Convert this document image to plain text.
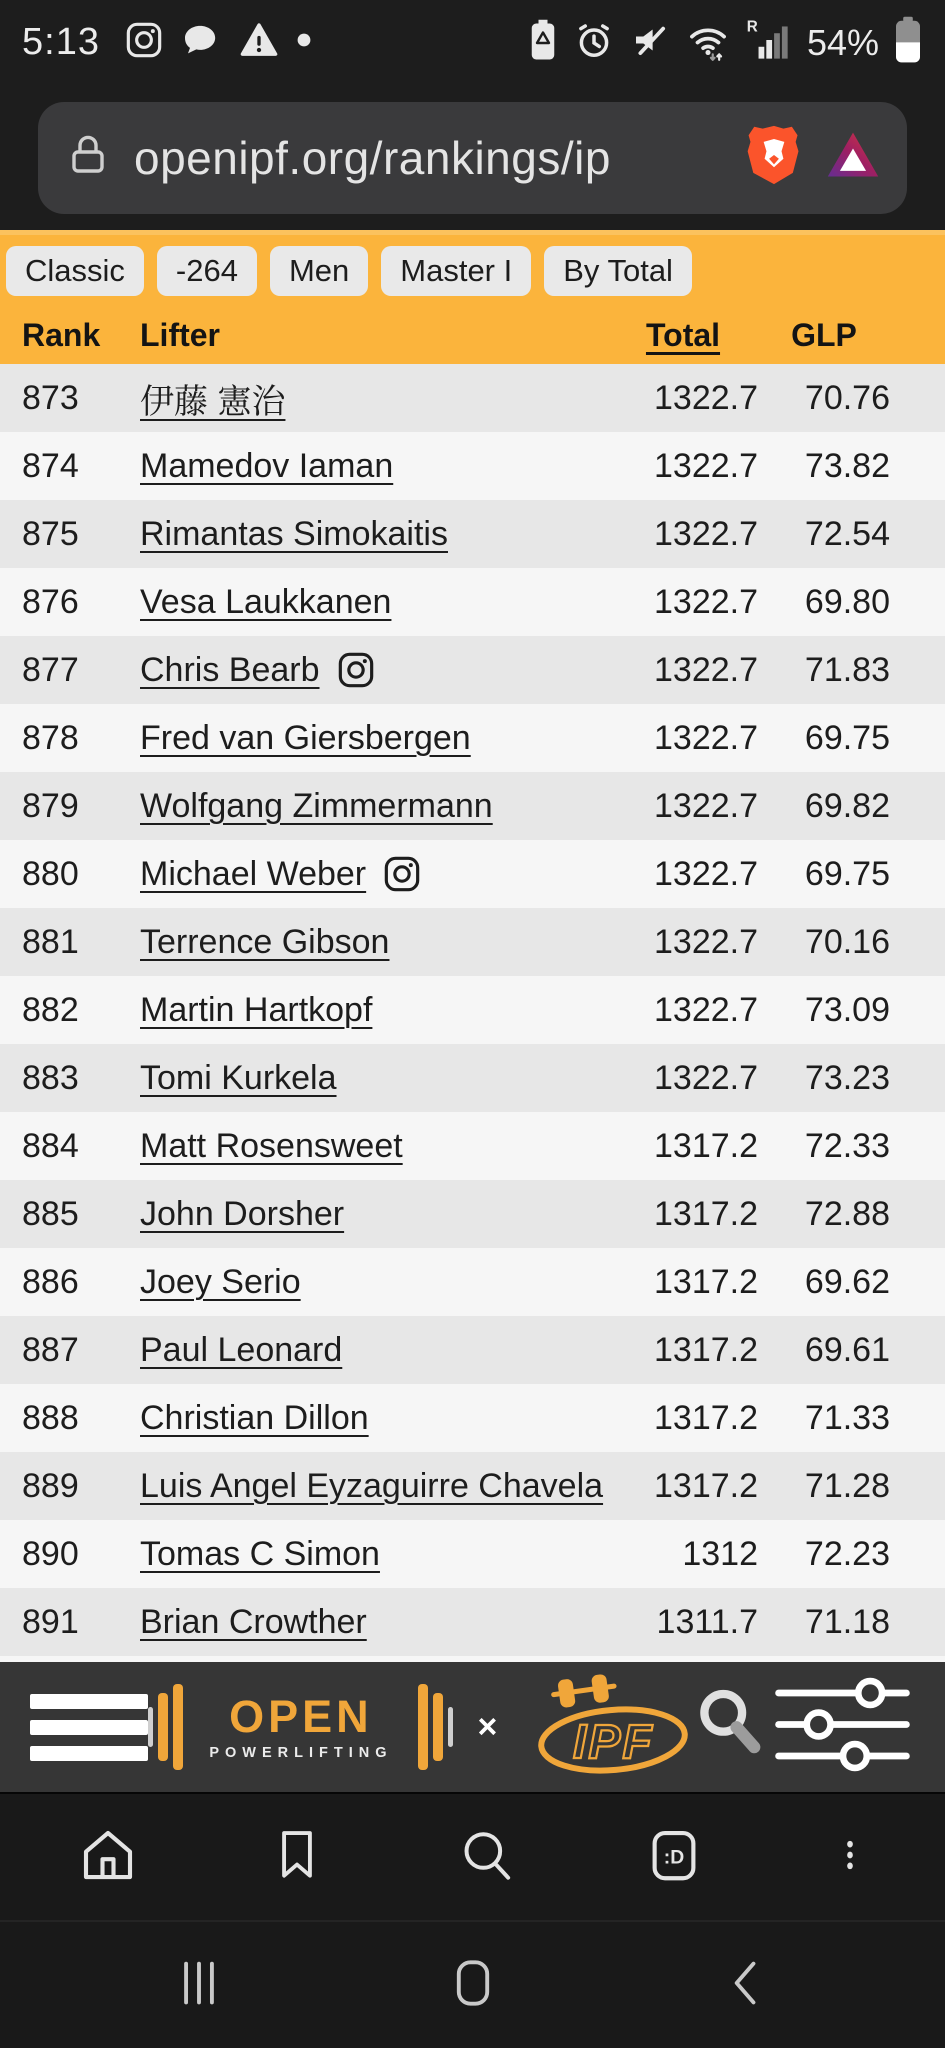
5:13	R 54%
openipf.org/rankings/ip
Classic	-264	Men	Master I	By Total
Rank	Lifter	Total	GLP
873	伊藤 憲治	1322.7	70.76
874	Mamedov Iaman	1322.7	73.82
875	Rimantas Simokaitis	1322.7	72.54
876	Vesa Laukkanen	1322.7	69.80
877	Chris Bearb	1322.7	71.83
878	Fred van Giersbergen	1322.7	69.75
879	Wolfgang Zimmermann	1322.7	69.82
880	Michael Weber	1322.7	69.75
881	Terrence Gibson	1322.7	70.16
882	Martin Hartkopf	1322.7	73.09
883	Tomi Kurkela	1322.7	73.23
884	Matt Rosensweet	1317.2	72.33
885	John Dorsher	1317.2	72.88
886	Joey Serio	1317.2	69.62
887	Paul Leonard	1317.2	69.61
888	Christian Dillon	1317.2	71.33
889	Luis Angel Eyzaguirre Chavela	1317.2	71.28
890	Tomas C Simon	1312	72.23
891	Brian Crowther	1311.7	71.18
OPEN
POWERLIFTING
× IPF
:D
